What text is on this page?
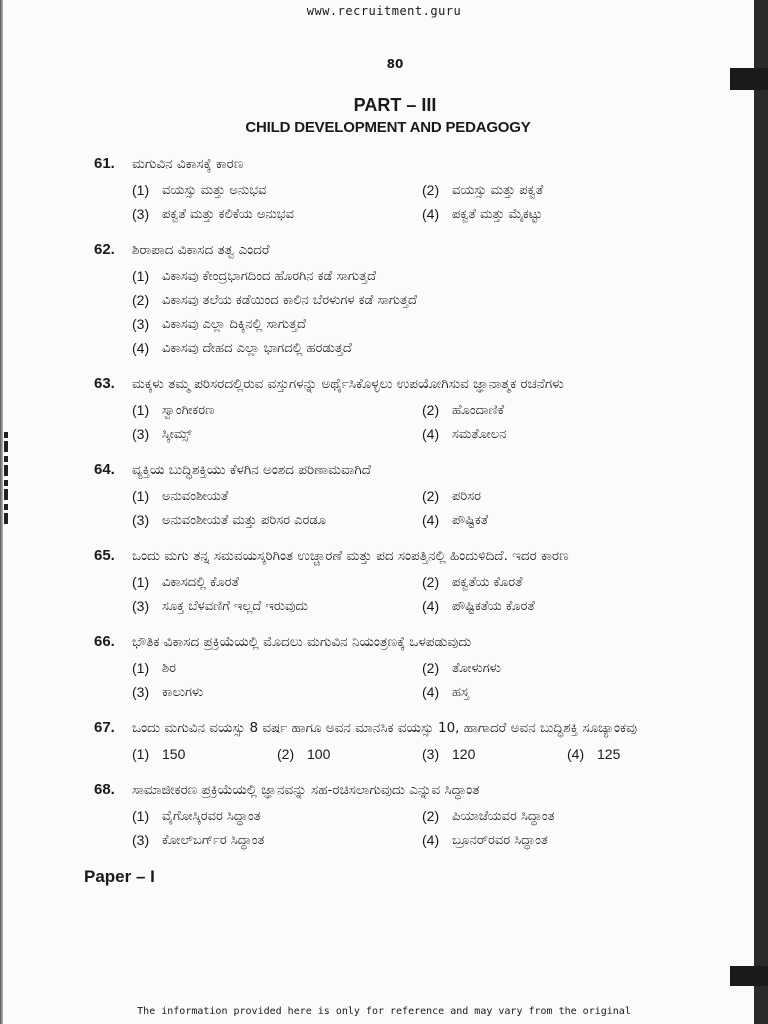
www.recruitment.guru
80
PART – III
CHILD DEVELOPMENT AND PEDAGOGY
61.	ಮಗುವಿನ ವಿಕಾಸಕ್ಕೆ ಕಾರಣ
(1) ವಯಸ್ಸು ಮತ್ತು ಅನುಭವ	(2) ವಯಸ್ಸು ಮತ್ತು ಪಕ್ವತೆ
(3) ಪಕ್ವತೆ ಮತ್ತು ಕಲಿಕೆಯ ಅನುಭವ	(4) ಪಕ್ವತೆ ಮತ್ತು ಮೈಕಟ್ಟು
62.	ಶಿರಾಪಾದ ವಿಕಾಸದ ತತ್ವ ಎಂದರೆ
(1) ವಿಕಾಸವು ಕೇಂದ್ರಭಾಗದಿಂದ ಹೊರಗಿನ ಕಡೆ ಸಾಗುತ್ತದೆ
(2) ವಿಕಾಸವು ತಲೆಯ ಕಡೆಯಿಂದ ಕಾಲಿನ ಬೆರಳುಗಳ ಕಡೆ ಸಾಗುತ್ತದೆ
(3) ವಿಕಾಸವು ಎಲ್ಲಾ ದಿಕ್ಕಿನಲ್ಲಿ ಸಾಗುತ್ತದೆ
(4) ವಿಕಾಸವು ದೇಹದ ಎಲ್ಲಾ ಭಾಗದಲ್ಲಿ ಹರಡುತ್ತದೆ
63.	ಮಕ್ಕಳು ತಮ್ಮ ಪರಿಸರದಲ್ಲಿರುವ ವಸ್ತುಗಳನ್ನು ಅರ್ಥೈಸಿಕೊಳ್ಳಲು ಉಪಯೋಗಿಸುವ ಜ್ಞಾನಾತ್ಮಕ ರಚನೆಗಳು
(1) ಸ್ವಾಂಗೀಕರಣ	(2) ಹೊಂದಾಣಿಕೆ
(3) ಸ್ಕೀಮ್ಸ್	(4) ಸಮತೋಲನ
64.	ವ್ಯಕ್ತಿಯ ಬುದ್ಧಿಶಕ್ತಿಯು ಕೆಳಗಿನ ಅಂಶದ ಪರಿಣಾಮವಾಗಿದೆ
(1) ಅನುವಂಶೀಯತೆ	(2) ಪರಿಸರ
(3) ಅನುವಂಶೀಯತೆ ಮತ್ತು ಪರಿಸರ ಎರಡೂ	(4) ಪೌಷ್ಟಿಕತೆ
65.	ಒಂದು ಮಗು ತನ್ನ ಸಮವಯಸ್ಕರಿಗಿಂತ ಉಚ್ಚಾರಣೆ ಮತ್ತು ಪದ ಸಂಪತ್ತಿನಲ್ಲಿ ಹಿಂದುಳಿದಿದೆ. ಇದರ ಕಾರಣ
(1) ವಿಕಾಸದಲ್ಲಿ ಕೊರತೆ	(2) ಪಕ್ವತೆಯ ಕೊರತೆ
(3) ಸೂಕ್ತ ಬೆಳವಣಿಗೆ ಇಲ್ಲದೆ ಇರುವುದು	(4) ಪೌಷ್ಟಿಕತೆಯ ಕೊರತೆ
66.	ಭೌತಿಕ ವಿಕಾಸದ ಪ್ರಕ್ರಿಯೆಯಲ್ಲಿ ಮೊದಲು ಮಗುವಿನ ನಿಯಂತ್ರಣಕ್ಕೆ ಒಳಪಡುವುದು
(1) ಶಿರ	(2) ತೋಳುಗಳು
(3) ಕಾಲುಗಳು	(4) ಹಸ್ತ
67.	ಒಂದು ಮಗುವಿನ ವಯಸ್ಸು 8 ವರ್ಷ ಹಾಗೂ ಅವನ ಮಾನಸಿಕ ವಯಸ್ಸು 10, ಹಾಗಾದರೆ ಅವನ ಬುದ್ಧಿಶಕ್ತಿ ಸೂಚ್ಯಾಂಕವು
(1) 150	(2) 100	(3) 120	(4) 125
68.	ಸಾಮಾಜೀಕರಣ ಪ್ರಕ್ರಿಯೆಯಲ್ಲಿ ಜ್ಞಾನವನ್ನು ಸಹ-ರಚಿಸಲಾಗುವುದು ಎನ್ನುವ ಸಿದ್ಧಾಂತ
(1) ವೈಗೋಸ್ಕಿರವರ ಸಿದ್ಧಾಂತ	(2) ಪಿಯಾಜೆಯವರ ಸಿದ್ಧಾಂತ
(3) ಕೋಲ್‌ಬರ್ಗ್‌ರ ಸಿದ್ಧಾಂತ	(4) ಬ್ರೂನರ್‌ರವರ ಸಿದ್ಧಾಂತ
Paper – I
The information provided here is only for reference and may vary from the original
